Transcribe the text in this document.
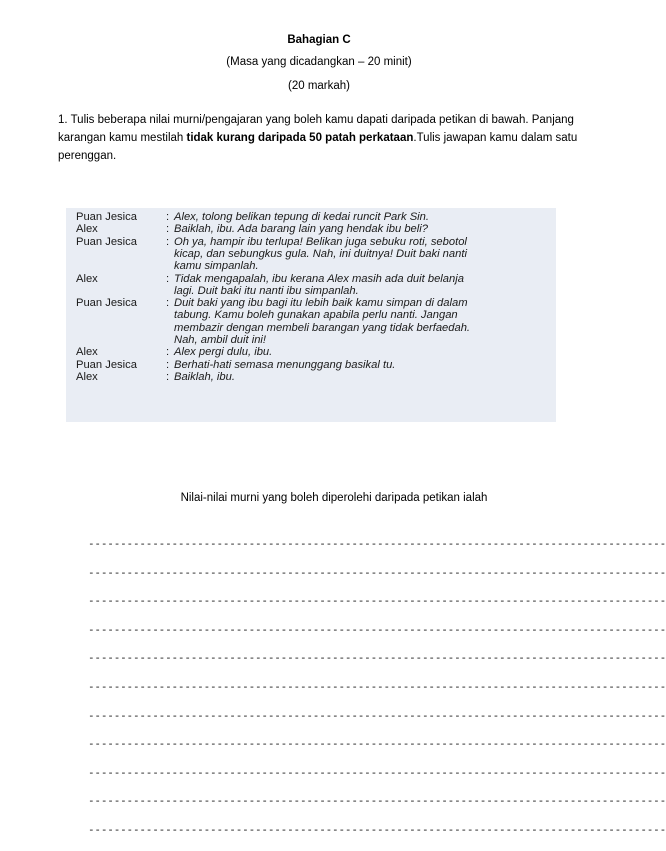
Bahagian C
(Masa yang dicadangkan – 20 minit)
(20 markah)
1. Tulis beberapa nilai murni/pengajaran yang boleh kamu dapati daripada petikan di bawah. Panjang karangan kamu mestilah tidak kurang daripada 50 patah perkataan.Tulis jawapan kamu dalam satu perenggan.
Puan Jesica	: Alex, tolong belikan tepung di kedai runcit Park Sin.
Alex	: Baiklah, ibu. Ada barang lain yang hendak ibu beli?
Puan Jesica	: Oh ya, hampir ibu terlupa! Belikan juga sebuku roti, sebotol
kicap, dan sebungkus gula. Nah, ini duitnya! Duit baki nanti
kamu simpanlah.
Alex	: Tidak mengapalah, ibu kerana Alex masih ada duit belanja
lagi. Duit baki itu nanti ibu simpanlah.
Puan Jesica	: Duit baki yang ibu bagi itu lebih baik kamu simpan di dalam
tabung. Kamu boleh gunakan apabila perlu nanti. Jangan
membazir dengan membeli barangan yang tidak berfaedah.
Nah, ambil duit ini!
Alex	: Alex pergi dulu, ibu.
Puan Jesica	: Berhati-hati semasa menunggang basikal tu.
Alex	: Baiklah, ibu.
Nilai-nilai murni yang boleh diperolehi daripada petikan ialah
------------------------------------------------------------------------------------------
------------------------------------------------------------------------------------------
------------------------------------------------------------------------------------------
------------------------------------------------------------------------------------------
------------------------------------------------------------------------------------------
------------------------------------------------------------------------------------------
------------------------------------------------------------------------------------------
------------------------------------------------------------------------------------------
------------------------------------------------------------------------------------------
------------------------------------------------------------------------------------------
------------------------------------------------------------------------------------------
